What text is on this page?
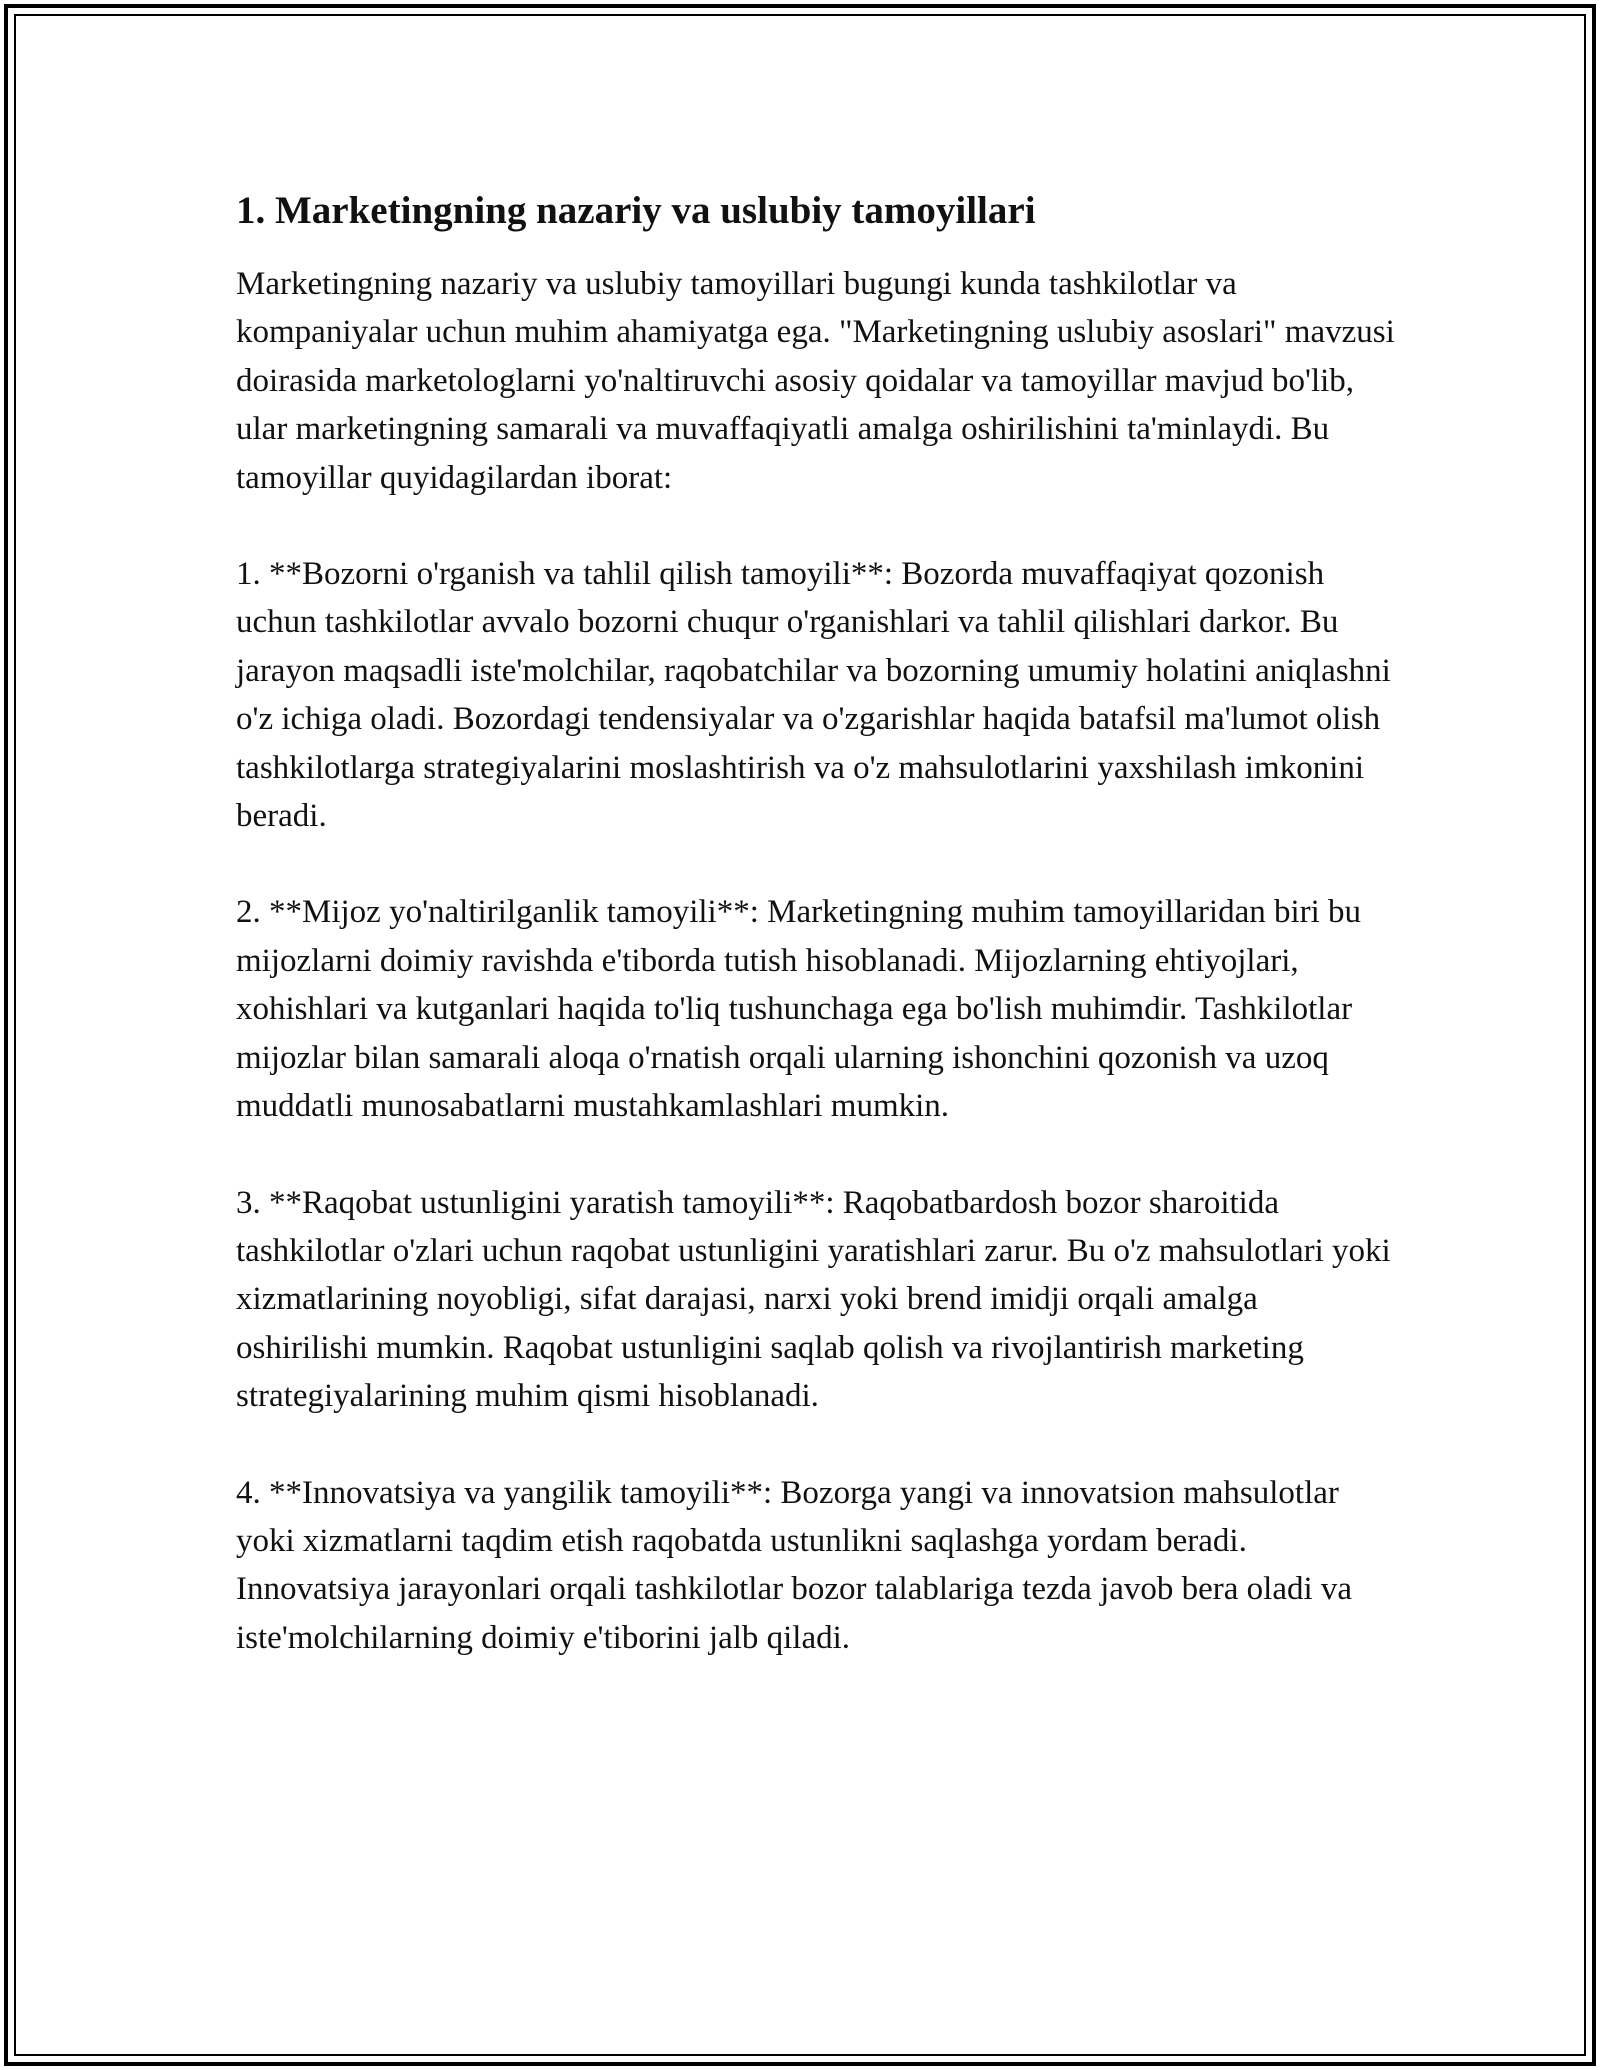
1. Marketingning nazariy va uslubiy tamoyillari

Marketingning nazariy va uslubiy tamoyillari bugungi kunda tashkilotlar va kompaniyalar uchun muhim ahamiyatga ega. "Marketingning uslubiy asoslari" mavzusi doirasida marketologlarni yo'naltiruvchi asosiy qoidalar va tamoyillar mavjud bo'lib, ular marketingning samarali va muvaffaqiyatli amalga oshirilishini ta'minlaydi. Bu tamoyillar quyidagilardan iborat:

1. **Bozorni o'rganish va tahlil qilish tamoyili**: Bozorda muvaffaqiyat qozonish uchun tashkilotlar avvalo bozorni chuqur o'rganishlari va tahlil qilishlari darkor. Bu jarayon maqsadli iste'molchilar, raqobatchilar va bozorning umumiy holatini aniqlashni o'z ichiga oladi. Bozordagi tendensiyalar va o'zgarishlar haqida batafsil ma'lumot olish tashkilotlarga strategiyalarini moslashtirish va o'z mahsulotlarini yaxshilash imkonini beradi.

2. **Mijoz yo'naltirilganlik tamoyili**: Marketingning muhim tamoyillaridan biri bu mijozlarni doimiy ravishda e'tiborda tutish hisoblanadi. Mijozlarning ehtiyojlari, xohishlari va kutganlari haqida to'liq tushunchaga ega bo'lish muhimdir. Tashkilotlar mijozlar bilan samarali aloqa o'rnatish orqali ularning ishonchini qozonish va uzoq muddatli munosabatlarni mustahkamlashlari mumkin.

3. **Raqobat ustunligini yaratish tamoyili**: Raqobatbardosh bozor sharoitida tashkilotlar o'zlari uchun raqobat ustunligini yaratishlari zarur. Bu o'z mahsulotlari yoki xizmatlarining noyobligi, sifat darajasi, narxi yoki brend imidji orqali amalga oshirilishi mumkin. Raqobat ustunligini saqlab qolish va rivojlantirish marketing strategiyalarining muhim qismi hisoblanadi.

4. **Innovatsiya va yangilik tamoyili**: Bozorga yangi va innovatsion mahsulotlar yoki xizmatlarni taqdim etish raqobatda ustunlikni saqlashga yordam beradi. Innovatsiya jarayonlari orqali tashkilotlar bozor talablariga tezda javob bera oladi va iste'molchilarning doimiy e'tiborini jalb qiladi.
